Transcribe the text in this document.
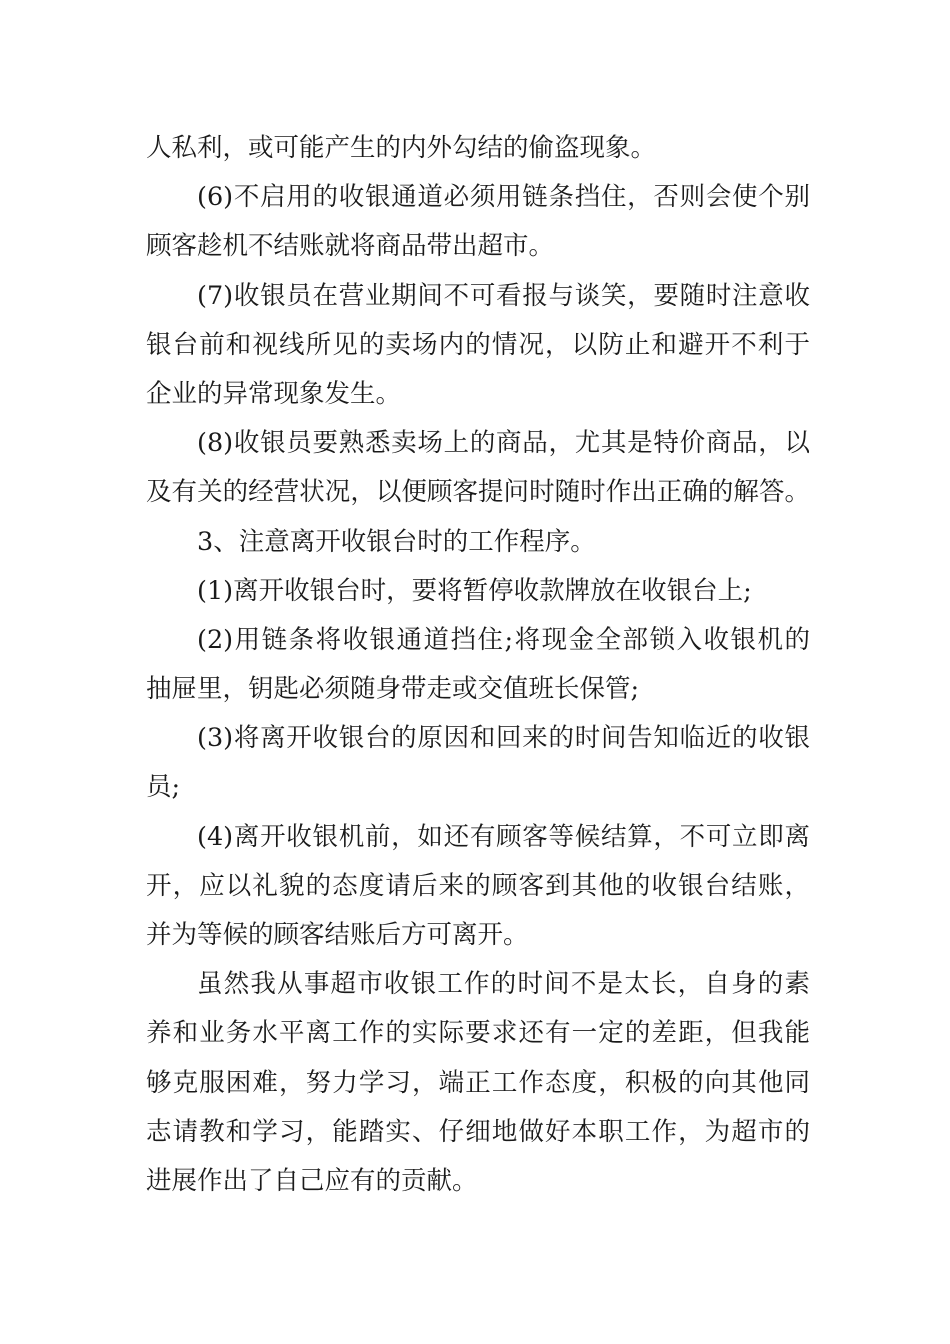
人私利，或可能产生的内外勾结的偷盗现象。
(6)不启用的收银通道必须用链条挡住，否则会使个别
顾客趁机不结账就将商品带出超市。
(7)收银员在营业期间不可看报与谈笑，要随时注意收
银台前和视线所见的卖场内的情况，以防止和避开不利于
企业的异常现象发生。
(8)收银员要熟悉卖场上的商品，尤其是特价商品，以
及有关的经营状况，以便顾客提问时随时作出正确的解答。
3、注意离开收银台时的工作程序。
(1)离开收银台时，要将暂停收款牌放在收银台上;
(2)用链条将收银通道挡住;将现金全部锁入收银机的
抽屉里，钥匙必须随身带走或交值班长保管;
(3)将离开收银台的原因和回来的时间告知临近的收银
员;
(4)离开收银机前，如还有顾客等候结算，不可立即离
开，应以礼貌的态度请后来的顾客到其他的收银台结账，
并为等候的顾客结账后方可离开。
虽然我从事超市收银工作的时间不是太长，自身的素
养和业务水平离工作的实际要求还有一定的差距，但我能
够克服困难，努力学习，端正工作态度，积极的向其他同
志请教和学习，能踏实、仔细地做好本职工作，为超市的
进展作出了自己应有的贡献。
